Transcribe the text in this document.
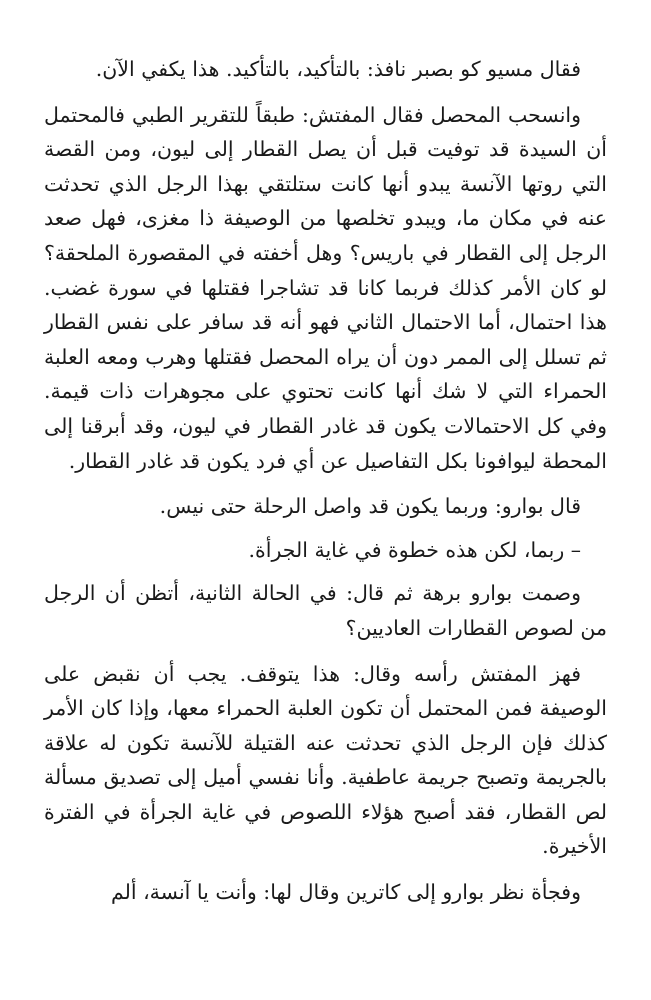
فقال مسيو كو بصبر نافذ: بالتأكيد، بالتأكيد. هذا يكفي الآن.

وانسحب المحصل فقال المفتش: طبقاً للتقرير الطبي فالمحتمل أن السيدة قد توفيت قبل أن يصل القطار إلى ليون، ومن القصة التي روتها الآنسة يبدو أنها كانت ستلتقي بهذا الرجل الذي تحدثت عنه في مكان ما، ويبدو تخلصها من الوصيفة ذا مغزى، فهل صعد الرجل إلى القطار في باريس؟ وهل أخفته في المقصورة الملحقة؟ لو كان الأمر كذلك فربما كانا قد تشاجرا فقتلها في سورة غضب. هذا احتمال، أما الاحتمال الثاني فهو أنه قد سافر على نفس القطار ثم تسلل إلى الممر دون أن يراه المحصل فقتلها وهرب ومعه العلبة الحمراء التي لا شك أنها كانت تحتوي على مجوهرات ذات قيمة. وفي كل الاحتمالات يكون قد غادر القطار في ليون، وقد أبرقنا إلى المحطة ليوافونا بكل التفاصيل عن أي فرد يكون قد غادر القطار.

قال بوارو: وربما يكون قد واصل الرحلة حتى نيس.

– ربما، لكن هذه خطوة في غاية الجرأة.

وصمت بوارو برهة ثم قال: في الحالة الثانية، أتظن أن الرجل من لصوص القطارات العاديين؟

فهز المفتش رأسه وقال: هذا يتوقف. يجب أن نقبض على الوصيفة فمن المحتمل أن تكون العلبة الحمراء معها، وإذا كان الأمر كذلك فإن الرجل الذي تحدثت عنه القتيلة للآنسة تكون له علاقة بالجريمة وتصبح جريمة عاطفية. وأنا نفسي أميل إلى تصديق مسألة لص القطار، فقد أصبح هؤلاء اللصوص في غاية الجرأة في الفترة الأخيرة.

وفجأة نظر بوارو إلى كاترين وقال لها: وأنت يا آنسة، ألم
